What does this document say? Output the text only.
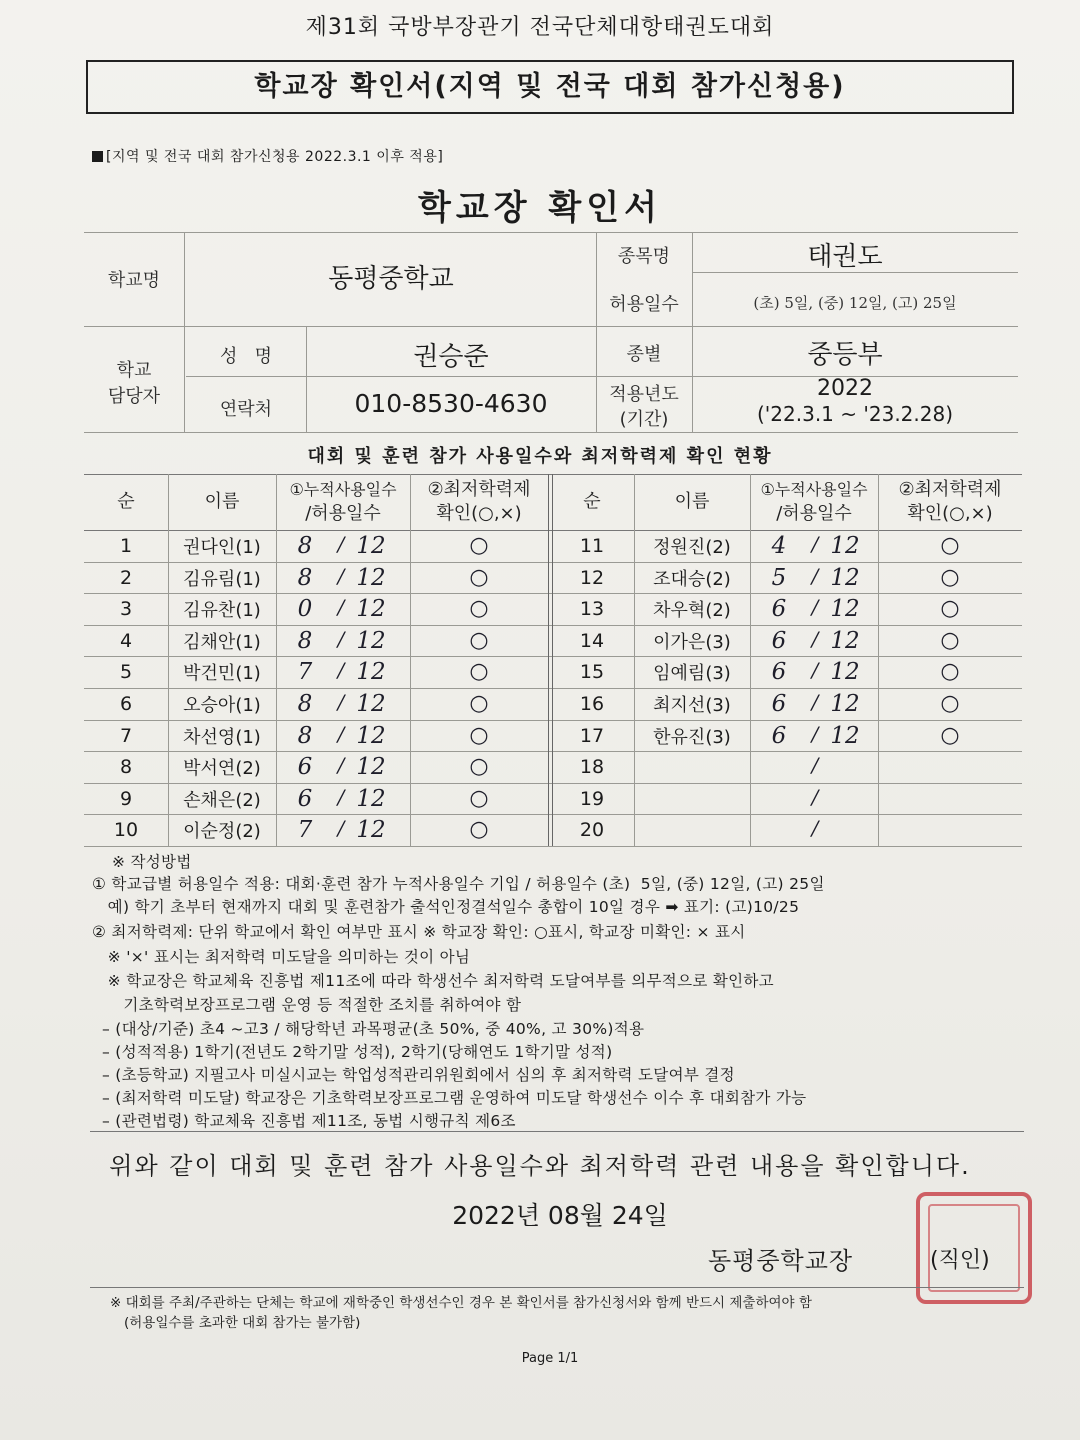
제31회 국방부장관기 전국단체대항태권도대회
학교장 확인서(지역 및 전국 대회 참가신청용)
[지역 및 전국 대회 참가신청용 2022.3.1 이후 적용]
학교장 확인서
학교명	동평중학교
종목명	태권도
허용일수	(초) 5일, (중) 12일, (고) 25일
학교
담당자
성   명	권승준	종별	중등부
연락처	010-8530-4630	적용년도
(기간)
2022
('22.3.1 ~ '23.2.28)
대회 및 훈련 참가 사용일수와 최저학력제 확인 현황
※ 작성방법
위와 같이 대회 및 훈련 참가 사용일수와 최저학력 관련 내용을 확인합니다.
2022년 08월 24일
동평중학교장	(직인)
※ 대회를 주최/주관하는 단체는 학교에 재학중인 학생선수인 경우 본 확인서를 참가신청서와 함께 반드시 제출하여야 함
(허용일수를 초과한 대회 참가는 불가함)
Page 1/1
순	이름
①누적사용일수
/허용일수
②최저학력제
확인(○,×)
1	권다인(1)	8	/ 12	○
2	김유림(1)	8	/ 12	○
3	김유찬(1)	0	/ 12	○
4	김채안(1)	8	/ 12	○
5	박건민(1)	7	/ 12	○
6	오승아(1)	8	/ 12	○
7	차선영(1)	8	/ 12	○
8	박서연(2)	6	/ 12	○
9	손채은(2)	6	/ 12	○
10	이순정(2)	7	/ 12	○
순	이름
①누적사용일수
/허용일수
②최저학력제
확인(○,×)
11	정원진(2)	4	/ 12	○
12	조대승(2)	5	/ 12	○
13	차우혁(2)	6	/ 12	○
14	이가은(3)	6	/ 12	○
15	임예림(3)	6	/ 12	○
16	최지선(3)	6	/ 12	○
17	한유진(3)	6	/ 12	○
18	/
19	/
20	/
① 학교급별 허용일수 적용: 대회·훈련 참가 누적사용일수 기입 / 허용일수 (초)  5일, (중) 12일, (고) 25일
예) 학기 초부터 현재까지 대회 및 훈련참가 출석인정결석일수 총합이 10일 경우 ➡ 표기: (고)10/25
② 최저학력제: 단위 학교에서 확인 여부만 표시 ※ 학교장 확인: ○표시, 학교장 미확인: × 표시
※ '×' 표시는 최저학력 미도달을 의미하는 것이 아님
※ 학교장은 학교체육 진흥법 제11조에 따라 학생선수 최저학력 도달여부를 의무적으로 확인하고
기초학력보장프로그램 운영 등 적절한 조치를 취하여야 함
– (대상/기준) 초4 ~고3 / 해당학년 과목평균(초 50%, 중 40%, 고 30%)적용
– (성적적용) 1학기(전년도 2학기말 성적), 2학기(당해연도 1학기말 성적)
– (초등학교) 지필고사 미실시교는 학업성적관리위원회에서 심의 후 최저학력 도달여부 결정
– (최저학력 미도달) 학교장은 기초학력보장프로그램 운영하여 미도달 학생선수 이수 후 대회참가 가능
– (관련법령) 학교체육 진흥법 제11조, 동법 시행규칙 제6조
